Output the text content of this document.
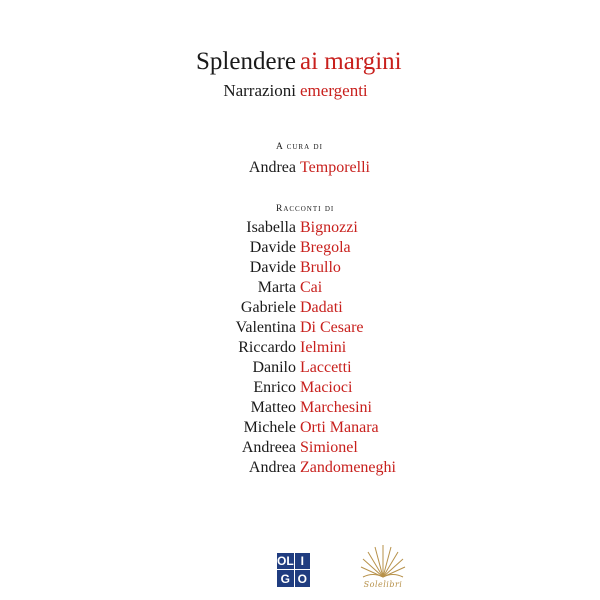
Splendere ai margini
Narrazioni emergenti
A cura di
Andrea Temporelli
Racconti di
Isabella Bignozzi
Davide Bregola
Davide Brullo
Marta Cai
Gabriele Dadati
Valentina Di Cesare
Riccardo Ielmini
Danilo Laccetti
Enrico Macioci
Matteo Marchesini
Michele Orti Manara
Andreea Simionel
Andrea Zandomeneghi
OL I
G O	Solelibri
